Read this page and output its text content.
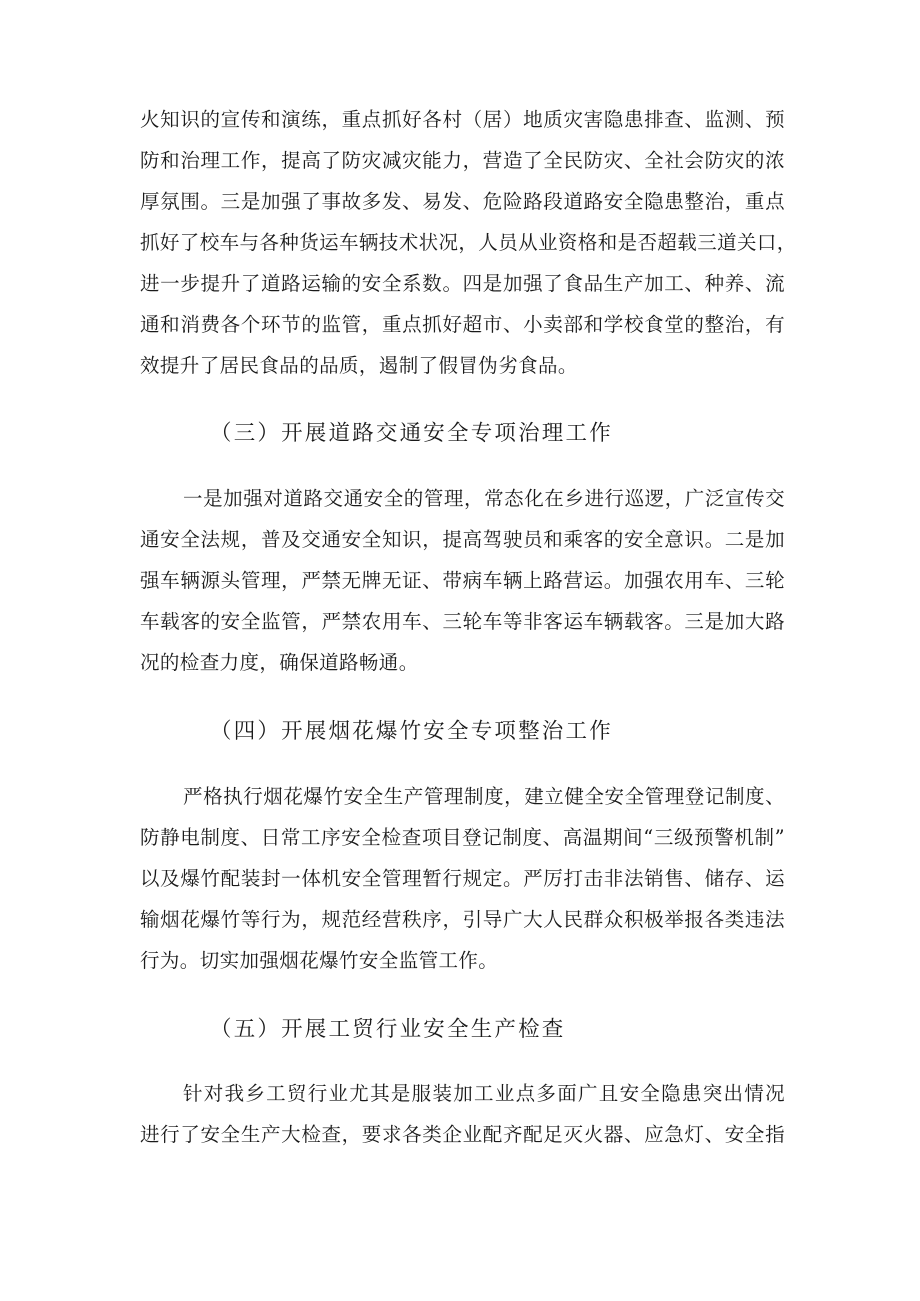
火知识的宣传和演练，重点抓好各村（居）地质灾害隐患排查、监测、预
防和治理工作，提高了防灾减灾能力，营造了全民防灾、全社会防灾的浓
厚氛围。三是加强了事故多发、易发、危险路段道路安全隐患整治，重点
抓好了校车与各种货运车辆技术状况，人员从业资格和是否超载三道关口，
进一步提升了道路运输的安全系数。四是加强了食品生产加工、种养、流
通和消费各个环节的监管，重点抓好超市、小卖部和学校食堂的整治，有
效提升了居民食品的品质，遏制了假冒伪劣食品。
（三）开展道路交通安全专项治理工作
一是加强对道路交通安全的管理，常态化在乡进行巡逻，广泛宣传交
通安全法规，普及交通安全知识，提高驾驶员和乘客的安全意识。二是加
强车辆源头管理，严禁无牌无证、带病车辆上路营运。加强农用车、三轮
车载客的安全监管，严禁农用车、三轮车等非客运车辆载客。三是加大路
况的检查力度，确保道路畅通。
（四）开展烟花爆竹安全专项整治工作
严格执行烟花爆竹安全生产管理制度，建立健全安全管理登记制度、
防静电制度、日常工序安全检查项目登记制度、高温期间“三级预警机制”
以及爆竹配装封一体机安全管理暂行规定。严厉打击非法销售、储存、运
输烟花爆竹等行为，规范经营秩序，引导广大人民群众积极举报各类违法
行为。切实加强烟花爆竹安全监管工作。
（五）开展工贸行业安全生产检查
针对我乡工贸行业尤其是服装加工业点多面广且安全隐患突出情况
进行了安全生产大检查，要求各类企业配齐配足灭火器、应急灯、安全指
